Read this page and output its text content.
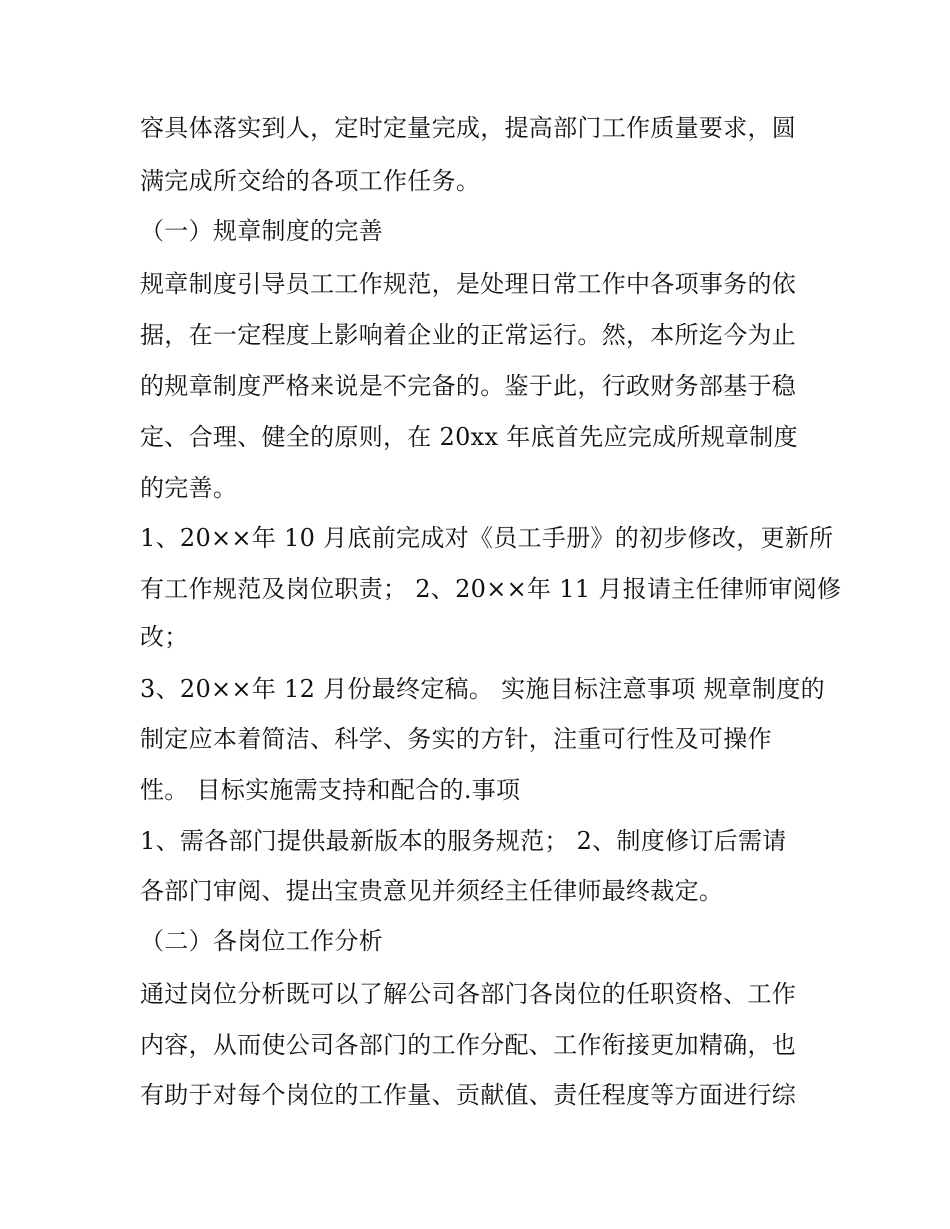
容具体落实到人，定时定量完成，提高部门工作质量要求，圆
满完成所交给的各项工作任务。
（一）规章制度的完善
规章制度引导员工工作规范，是处理日常工作中各项事务的依
据，在一定程度上影响着企业的正常运行。然，本所迄今为止
的规章制度严格来说是不完备的。鉴于此，行政财务部基于稳
定、合理、健全的原则，在 20xx 年底首先应完成所规章制度
的完善。
1、20××年 10 月底前完成对《员工手册》的初步修改，更新所
有工作规范及岗位职责； 2、20××年 11 月报请主任律师审阅修
改；
3、20××年 12 月份最终定稿。 实施目标注意事项 规章制度的
制定应本着简洁、科学、务实的方针，注重可行性及可操作
性。 目标实施需支持和配合的.事项
1、需各部门提供最新版本的服务规范； 2、制度修订后需请
各部门审阅、提出宝贵意见并须经主任律师最终裁定。
（二）各岗位工作分析
通过岗位分析既可以了解公司各部门各岗位的任职资格、工作
内容，从而使公司各部门的工作分配、工作衔接更加精确，也
有助于对每个岗位的工作量、贡献值、责任程度等方面进行综
